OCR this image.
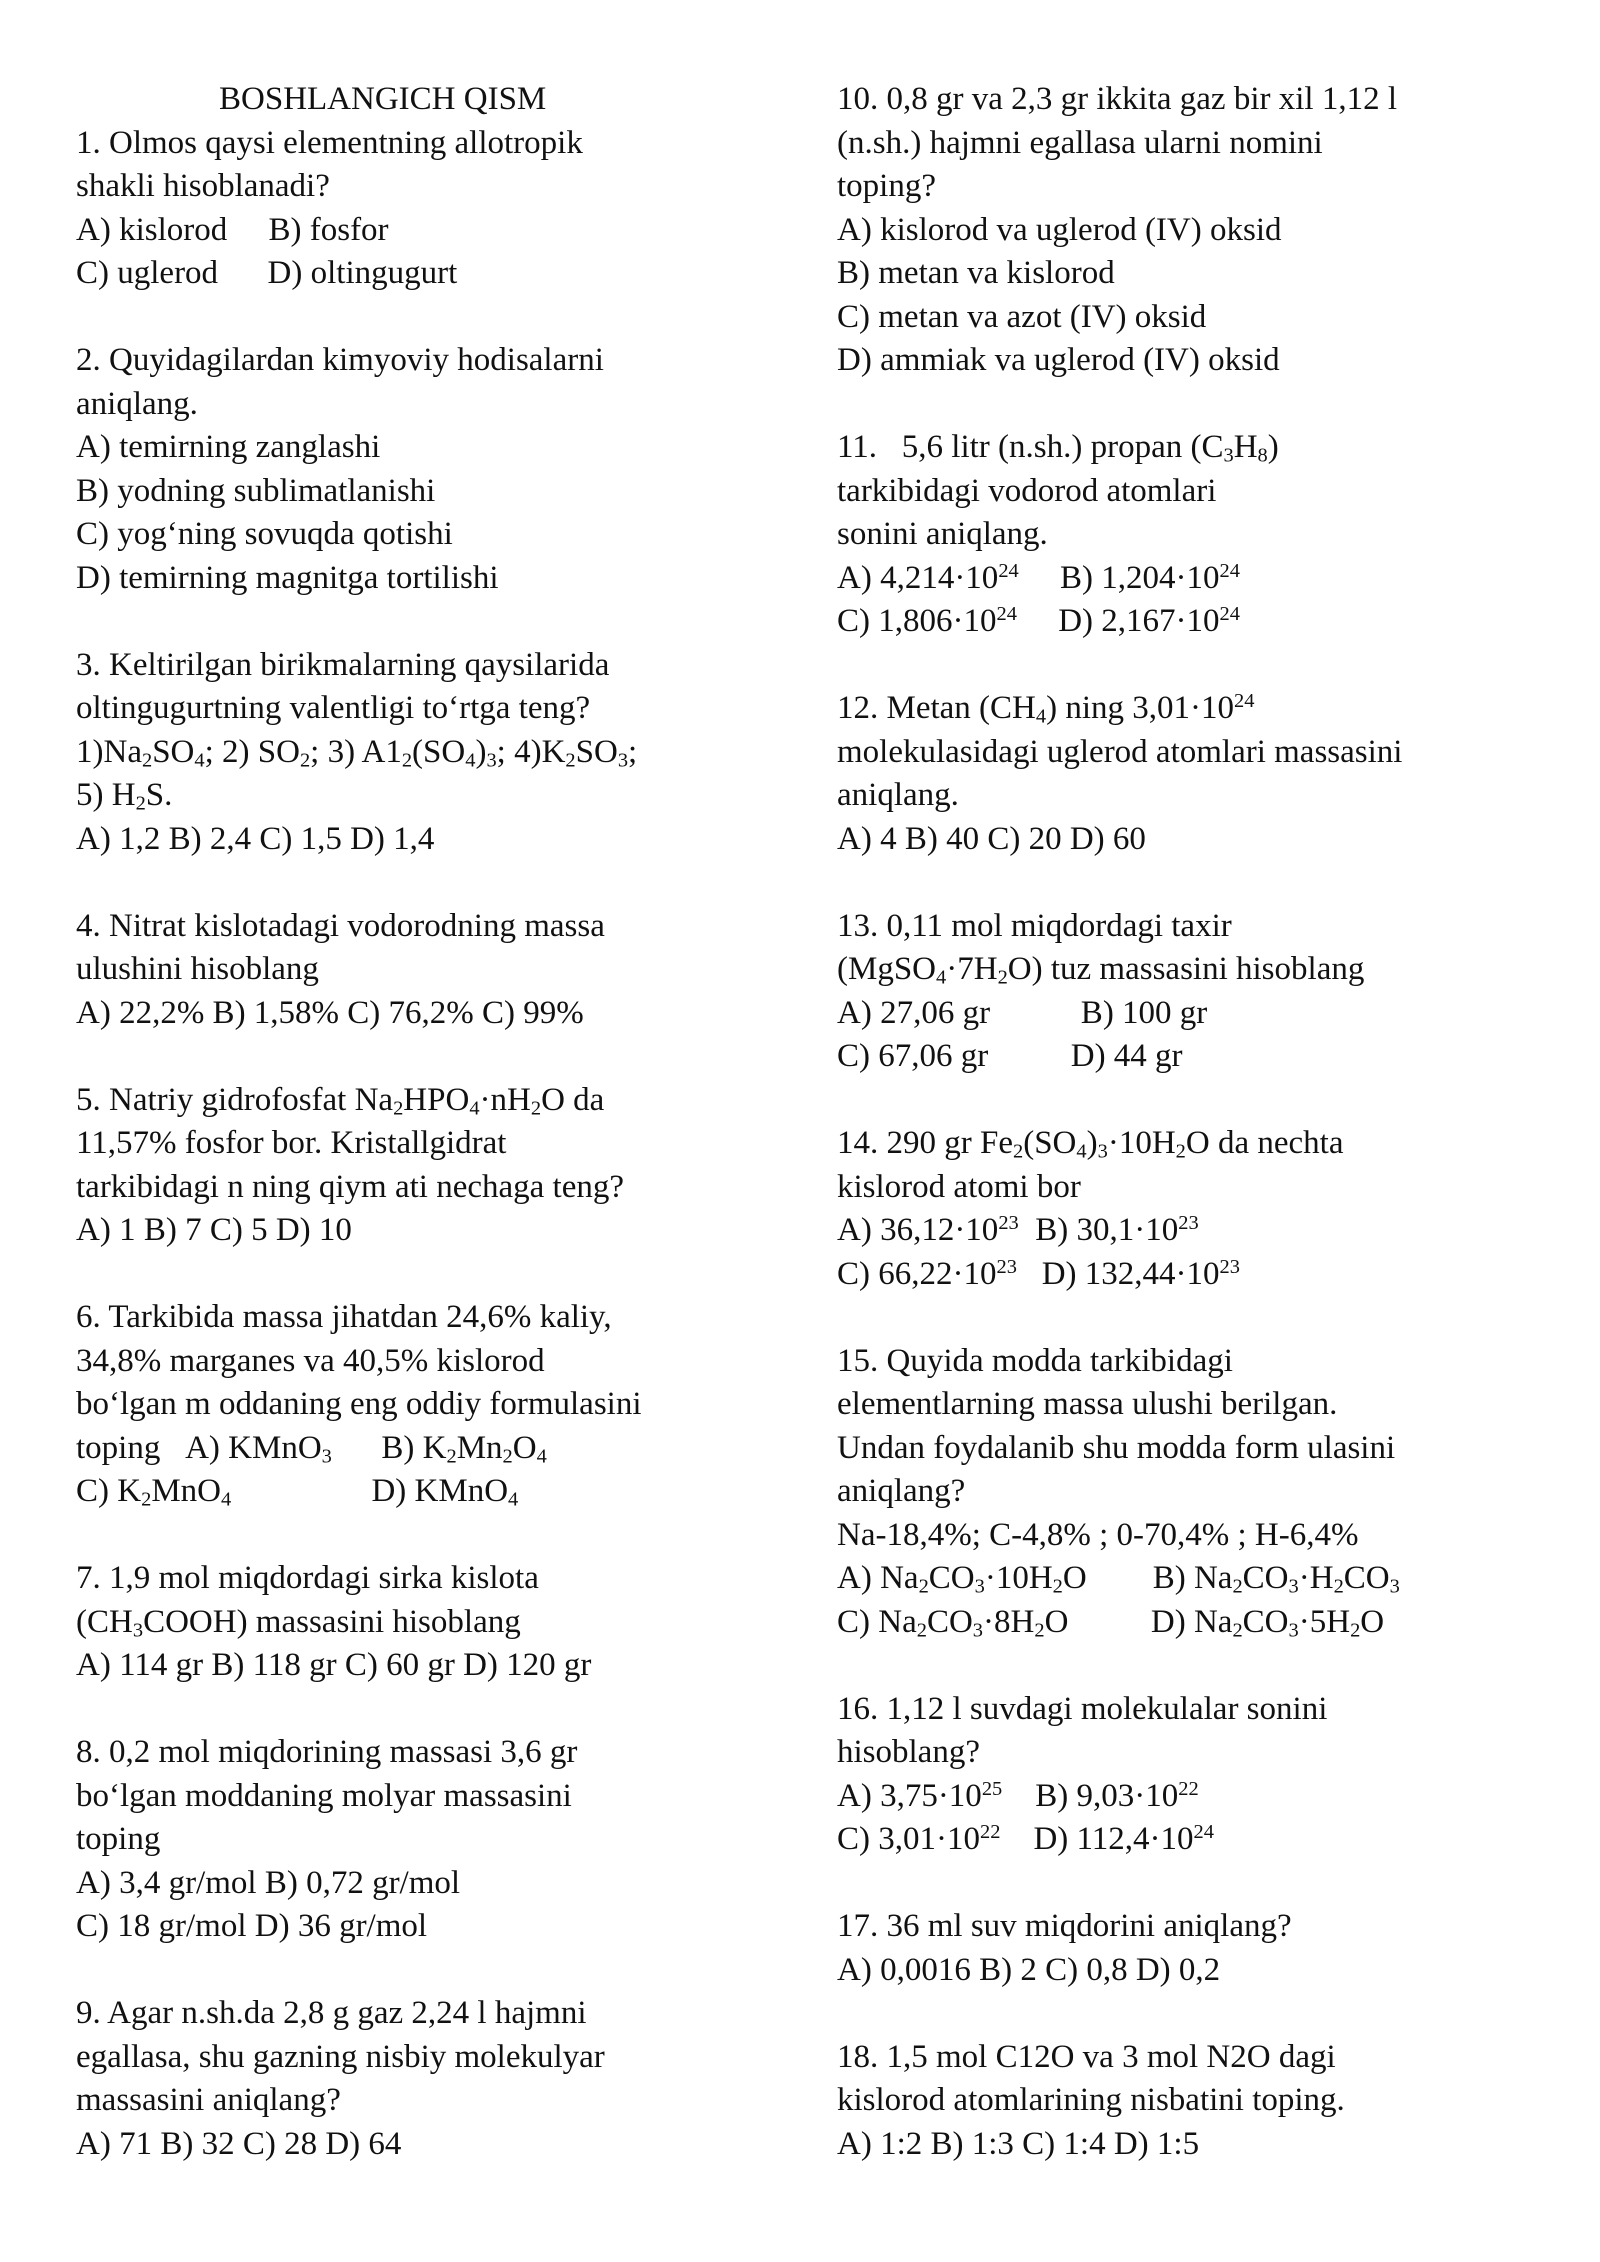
BOSHLANGICH QISM
1. Olmos qaysi elementning allotropik
shakli hisoblanadi?
A) kislorod     B) fosfor
C) uglerod      D) oltingugurt
2. Quyidagilardan kimyoviy hodisalarni
aniqlang.
A) temirning zanglashi
B) yodning sublimatlanishi
C) yog‘ning sovuqda qotishi
D) temirning magnitga tortilishi
3. Keltirilgan birikmalarning qaysilarida
oltingugurtning valentligi to‘rtga teng?
$1)Na_2SO_4$; 2) $SO_2$; 3) $A1_2(SO_4)_3$; $4)K_2SO_3$;
5) $H_2S$.
A) 1,2 B) 2,4 C) 1,5 D) 1,4
4. Nitrat kislotadagi vodorodning massa
ulushini hisoblang
A) 22,2% B) 1,58% C) 76,2% C) 99%
5. Natriy gidrofosfat $Na_2HPO_4\cdot nH_2O$ da
11,57% fosfor bor. Kristallgidrat
tarkibidagi n ning qiym ati nechaga teng?
A) 1 B) 7 C) 5 D) 10
6. Tarkibida massa jihatdan 24,6% kaliy,
34,8% marganes va 40,5% kislorod
bo‘lgan m oddaning eng oddiy formulasini
toping   A) KMnO$_3$      B) $K_2Mn_2O_4$
C) $K_2MnO_4$                 D) KMnO$_4$
7. 1,9 mol miqdordagi sirka kislota
$(CH_3COOH)$ massasini hisoblang
A) 114 gr B) 118 gr C) 60 gr D) 120 gr
8. 0,2 mol miqdorining massasi 3,6 gr
bo‘lgan moddaning molyar massasini
toping
A) 3,4 gr/mol B) 0,72 gr/mol
C) 18 gr/mol D) 36 gr/mol
9. Agar n.sh.da 2,8 g gaz 2,24 l hajmni
egallasa, shu gazning nisbiy molekulyar
massasini aniqlang?
A) 71 B) 32 C) 28 D) 64
10. 0,8 gr va 2,3 gr ikkita gaz bir xil 1,12 l
(n.sh.) hajmni egallasa ularni nomini
toping?
A) kislorod va uglerod (IV) oksid
B) metan va kislorod
C) metan va azot (IV) oksid
D) ammiak va uglerod (IV) oksid
11.   5,6 litr (n.sh.) propan $(C_3H_8)$
tarkibidagi vodorod atomlari
sonini aniqlang.
A) $4,214\cdot 10^{24}$     B) $1,204\cdot 10^{24}$
C) $1,806\cdot 10^{24}$     D) $2,167\cdot 10^{24}$
12. Metan $(CH_4)$ ning $3,01\cdot 10^{24}$
molekulasidagi uglerod atomlari massasini
aniqlang.
A) 4 B) 40 C) 20 D) 60
13. 0,11 mol miqdordagi taxir
$(MgSO_4\cdot 7H_2O)$ tuz massasini hisoblang
A) 27,06 gr           B) 100 gr
C) 67,06 gr          D) 44 gr
14. 290 gr $Fe_2(SO_4)_3\cdot 10H_2O$ da nechta
kislorod atomi bor
A) $36,12\cdot 10^{23}$  B) $30,1\cdot 10^{23}$
C) $66,22\cdot 10^{23}$   D) $132,44\cdot 10^{23}$
15. Quyida modda tarkibidagi
elementlarning massa ulushi berilgan.
Undan foydalanib shu modda form ulasini
aniqlang?
Na-18,4%; C-4,8% ; 0-70,4% ; H-6,4%
A) $Na_2CO_3\cdot 10H_2O$        B) $Na_2CO_3\cdot H_2CO_3$
C) $Na_2CO_3\cdot 8H_2O$          D) $Na_2CO_3\cdot 5H_2O$
16. 1,12 l suvdagi molekulalar sonini
hisoblang?
A) $3,75\cdot 10^{25}$    B) $9,03\cdot 10^{22}$
C) $3,01\cdot 10^{22}$    D) $112,4\cdot 10^{24}$
17. 36 ml suv miqdorini aniqlang?
A) 0,0016 B) 2 C) 0,8 D) 0,2
18. 1,5 mol C12O va 3 mol N2O dagi
kislorod atomlarining nisbatini toping.
A) 1:2 B) 1:3 C) 1:4 D) 1:5
